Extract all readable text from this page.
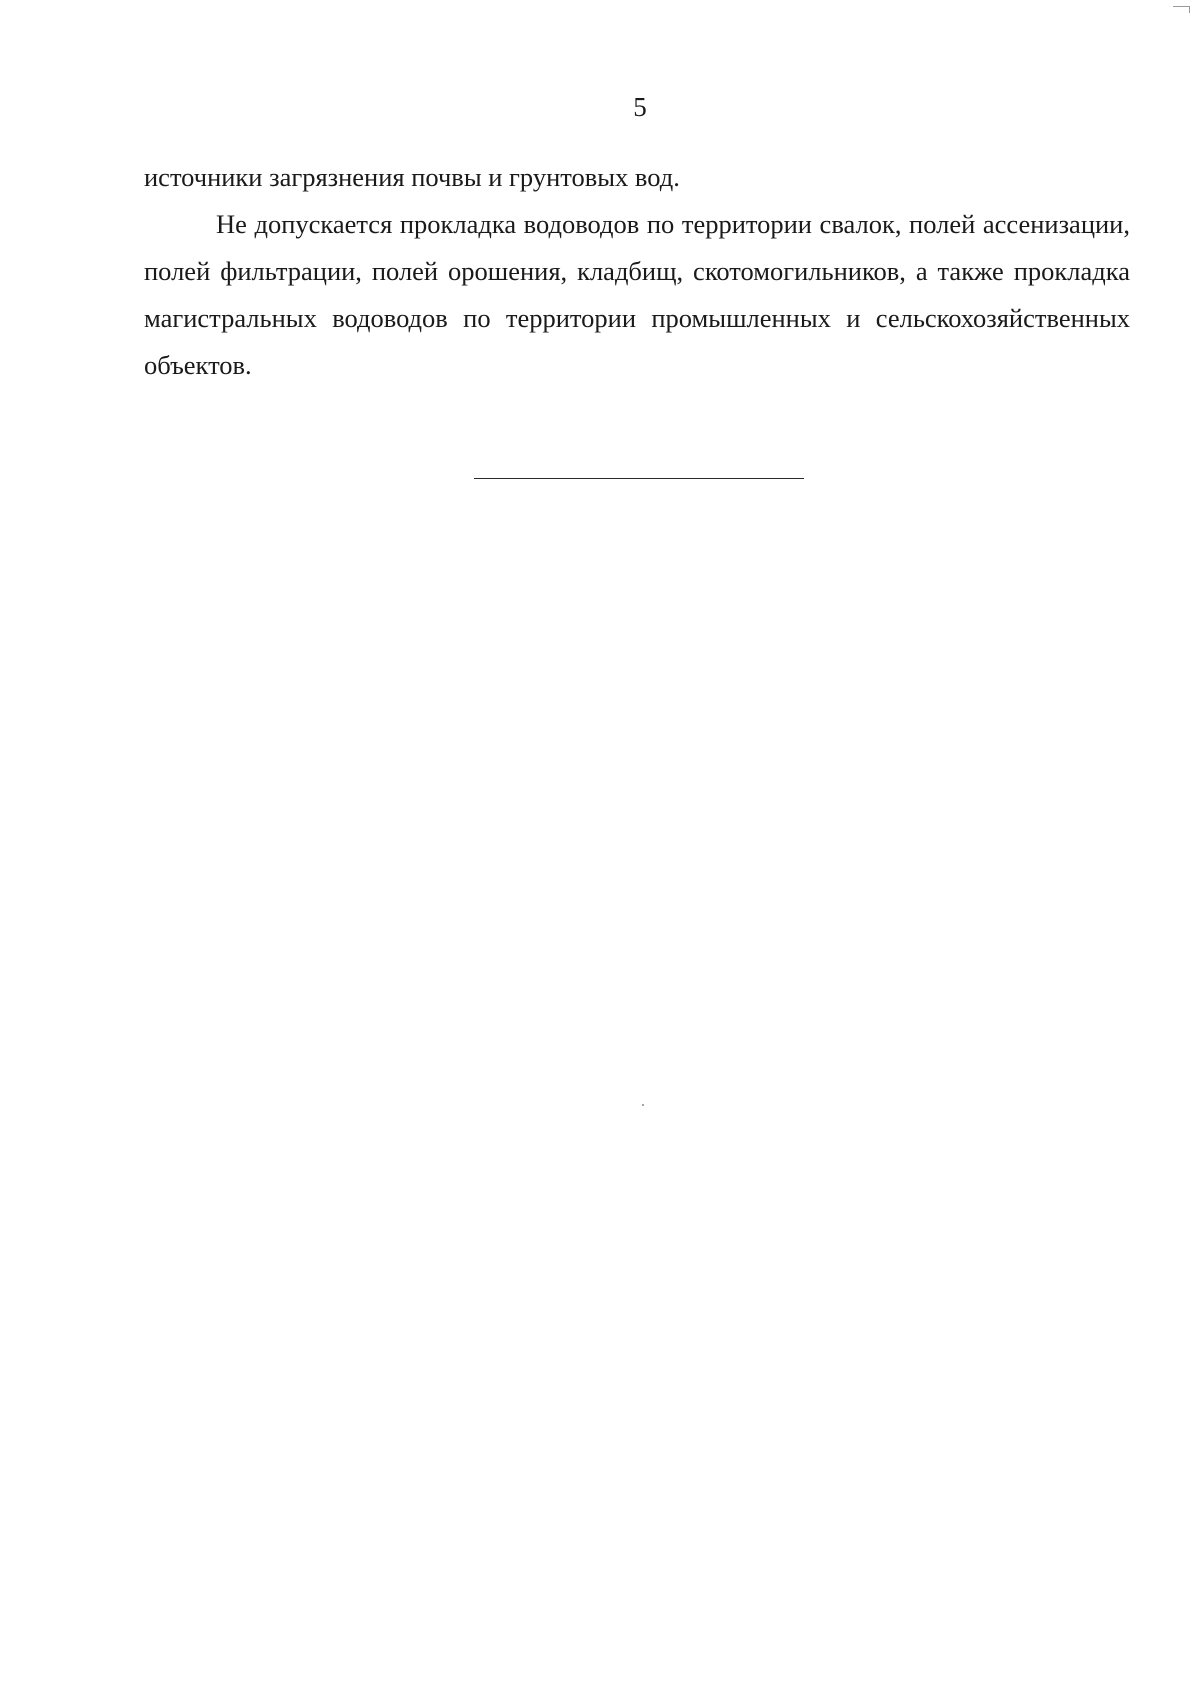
5

источники загрязнения почвы и грунтовых вод.

Не допускается прокладка водоводов по территории свалок, полей ассенизации, полей фильтрации, полей орошения, кладбищ, скотомогильников, а также прокладка магистральных водоводов по территории промышленных и сельскохозяйственных объектов.
